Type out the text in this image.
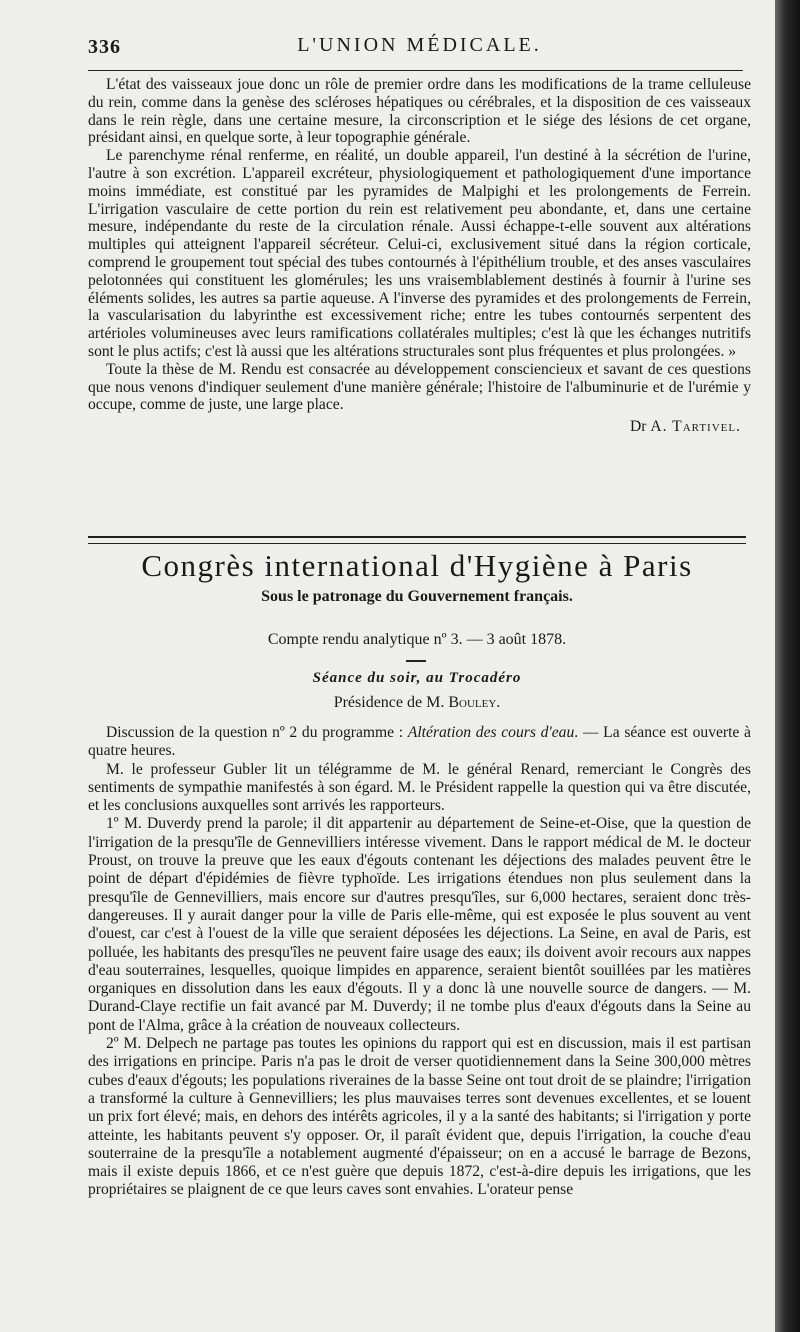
336	L'UNION MÉDICALE.

L'état des vaisseaux joue donc un rôle de premier ordre dans les modifications de la trame celluleuse du rein, comme dans la genèse des scléroses hépatiques ou cérébrales, et la disposition de ces vaisseaux dans le rein règle, dans une certaine mesure, la circonscription et le siége des lésions de cet organe, présidant ainsi, en quelque sorte, à leur topographie générale.

Le parenchyme rénal renferme, en réalité, un double appareil, l'un destiné à la sécrétion de l'urine, l'autre à son excrétion. L'appareil excréteur, physiologiquement et pathologiquement d'une importance moins immédiate, est constitué par les pyramides de Malpighi et les prolongements de Ferrein. L'irrigation vasculaire de cette portion du rein est relativement peu abondante, et, dans une certaine mesure, indépendante du reste de la circulation rénale. Aussi échappe-t-elle souvent aux altérations multiples qui atteignent l'appareil sécréteur. Celui-ci, exclusivement situé dans la région corticale, comprend le groupement tout spécial des tubes contournés à l'épithélium trouble, et des anses vasculaires pelotonnées qui constituent les glomérules; les uns vraisemblablement destinés à fournir à l'urine ses éléments solides, les autres sa partie aqueuse. A l'inverse des pyramides et des prolongements de Ferrein, la vascularisation du labyrinthe est excessivement riche; entre les tubes contournés serpentent des artérioles volumineuses avec leurs ramifications collatérales multiples; c'est là que les échanges nutritifs sont le plus actifs; c'est là aussi que les altérations structurales sont plus fréquentes et plus prolongées. »

Toute la thèse de M. Rendu est consacrée au développement consciencieux et savant de ces questions que nous venons d'indiquer seulement d'une manière générale; l'histoire de l'albuminurie et de l'urémie y occupe, comme de juste, une large place.

Dr A. Tartivel.
Congrès international d'Hygiène à Paris
Sous le patronage du Gouvernement français.
Compte rendu analytique nº 3. — 3 août 1878.
Séance du soir, au Trocadéro
Présidence de M. Bouley.

Discussion de la question nº 2 du programme : Altération des cours d'eau. — La séance est ouverte à quatre heures.

M. le professeur Gubler lit un télégramme de M. le général Renard, remerciant le Congrès des sentiments de sympathie manifestés à son égard. M. le Président rappelle la question qui va être discutée, et les conclusions auxquelles sont arrivés les rapporteurs.

1º M. Duverdy prend la parole; il dit appartenir au département de Seine-et-Oise, que la question de l'irrigation de la presqu'île de Gennevilliers intéresse vivement. Dans le rapport médical de M. le docteur Proust, on trouve la preuve que les eaux d'égouts contenant les déjections des malades peuvent être le point de départ d'épidémies de fièvre typhoïde. Les irrigations étendues non plus seulement dans la presqu'île de Gennevilliers, mais encore sur d'autres presqu'îles, sur 6,000 hectares, seraient donc très-dangereuses. Il y aurait danger pour la ville de Paris elle-même, qui est exposée le plus souvent au vent d'ouest, car c'est à l'ouest de la ville que seraient déposées les déjections. La Seine, en aval de Paris, est polluée, les habitants des presqu'îles ne peuvent faire usage des eaux; ils doivent avoir recours aux nappes d'eau souterraines, lesquelles, quoique limpides en apparence, seraient bientôt souillées par les matières organiques en dissolution dans les eaux d'égouts. Il y a donc là une nouvelle source de dangers. — M. Durand-Claye rectifie un fait avancé par M. Duverdy; il ne tombe plus d'eaux d'égouts dans la Seine au pont de l'Alma, grâce à la création de nouveaux collecteurs.

2º M. Delpech ne partage pas toutes les opinions du rapport qui est en discussion, mais il est partisan des irrigations en principe. Paris n'a pas le droit de verser quotidiennement dans la Seine 300,000 mètres cubes d'eaux d'égouts; les populations riveraines de la basse Seine ont tout droit de se plaindre; l'irrigation a transformé la culture à Gennevilliers; les plus mauvaises terres sont devenues excellentes, et se louent un prix fort élevé; mais, en dehors des intérêts agricoles, il y a la santé des habitants; si l'irrigation y porte atteinte, les habitants peuvent s'y opposer. Or, il paraît évident que, depuis l'irrigation, la couche d'eau souterraine de la presqu'île a notablement augmenté d'épaisseur; on en a accusé le barrage de Bezons, mais il existe depuis 1866, et ce n'est guère que depuis 1872, c'est-à-dire depuis les irrigations, que les propriétaires se plaignent de ce que leurs caves sont envahies. L'orateur pense
